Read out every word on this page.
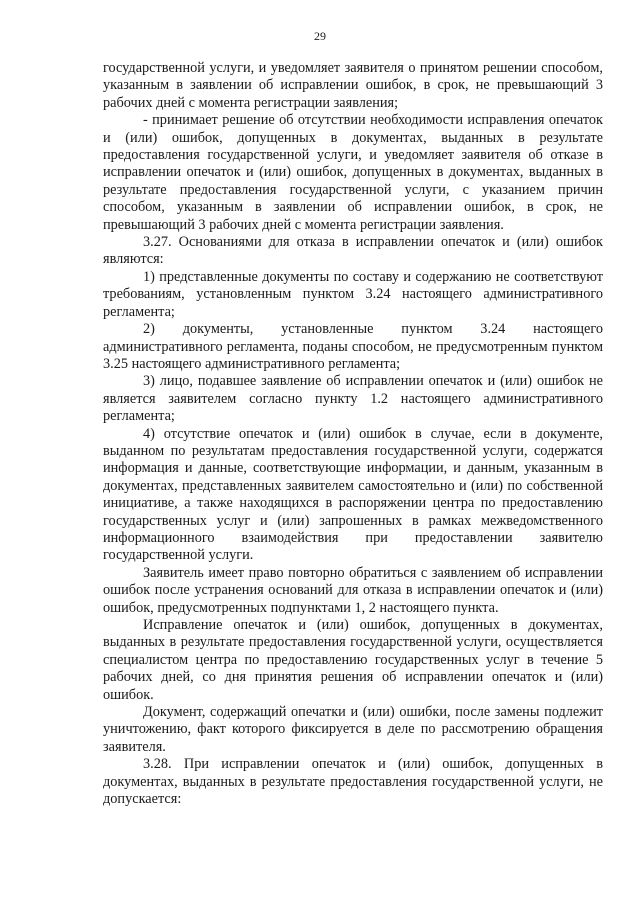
29

государственной услуги, и уведомляет заявителя о принятом решении способом, указанным в заявлении об исправлении ошибок, в срок, не превышающий 3 рабочих дней с момента регистрации заявления;

- принимает решение об отсутствии необходимости исправления опечаток и (или) ошибок, допущенных в документах, выданных в результате предоставления государственной услуги, и уведомляет заявителя об отказе в исправлении опечаток и (или) ошибок, допущенных в документах, выданных в результате предоставления государственной услуги, с указанием причин способом, указанным в заявлении об исправлении ошибок, в срок, не превышающий 3 рабочих дней с момента регистрации заявления.

3.27. Основаниями для отказа в исправлении опечаток и (или) ошибок являются:

1) представленные документы по составу и содержанию не соответствуют требованиям, установленным пунктом 3.24 настоящего административного регламента;

2) документы, установленные пунктом 3.24 настоящего административного регламента, поданы способом, не предусмотренным пунктом 3.25 настоящего административного регламента;

3) лицо, подавшее заявление об исправлении опечаток и (или) ошибок не является заявителем согласно пункту 1.2 настоящего административного регламента;

4) отсутствие опечаток и (или) ошибок в случае, если в документе, выданном по результатам предоставления государственной услуги, содержатся информация и данные, соответствующие информации, и данным, указанным в документах, представленных заявителем самостоятельно и (или) по собственной инициативе, а также находящихся в распоряжении центра по предоставлению государственных услуг и (или) запрошенных в рамках межведомственного информационного взаимодействия при предоставлении заявителю государственной услуги.

Заявитель имеет право повторно обратиться с заявлением об исправлении ошибок после устранения оснований для отказа в исправлении опечаток и (или) ошибок, предусмотренных подпунктами 1, 2 настоящего пункта.

Исправление опечаток и (или) ошибок, допущенных в документах, выданных в результате предоставления государственной услуги, осуществляется специалистом центра по предоставлению государственных услуг в течение 5 рабочих дней, со дня принятия решения об исправлении опечаток и (или) ошибок.

Документ, содержащий опечатки и (или) ошибки, после замены подлежит уничтожению, факт которого фиксируется в деле по рассмотрению обращения заявителя.

3.28. При исправлении опечаток и (или) ошибок, допущенных в документах, выданных в результате предоставления государственной услуги, не допускается:
